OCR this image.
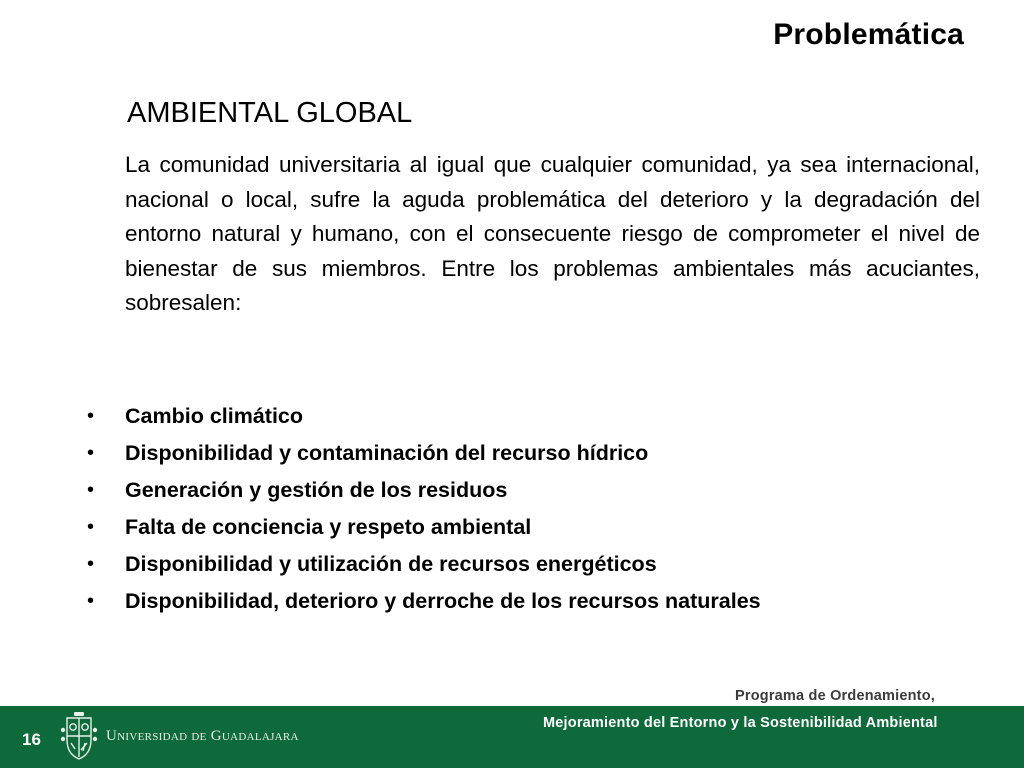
Problemática
AMBIENTAL GLOBAL
La comunidad universitaria al igual que cualquier comunidad, ya sea internacional, nacional o local, sufre la aguda problemática del deterioro y la degradación del entorno natural y humano, con el consecuente riesgo de comprometer el nivel de bienestar de sus miembros. Entre los problemas ambientales más acuciantes, sobresalen:
• Cambio climático
• Disponibilidad y contaminación del recurso hídrico
• Generación y gestión de los residuos
• Falta de conciencia y respeto ambiental
• Disponibilidad y utilización de recursos energéticos
• Disponibilidad, deterioro y derroche de los recursos naturales
Programa de Ordenamiento,
Mejoramiento del Entorno y la Sostenibilidad Ambiental
16	Universidad de Guadalajara
